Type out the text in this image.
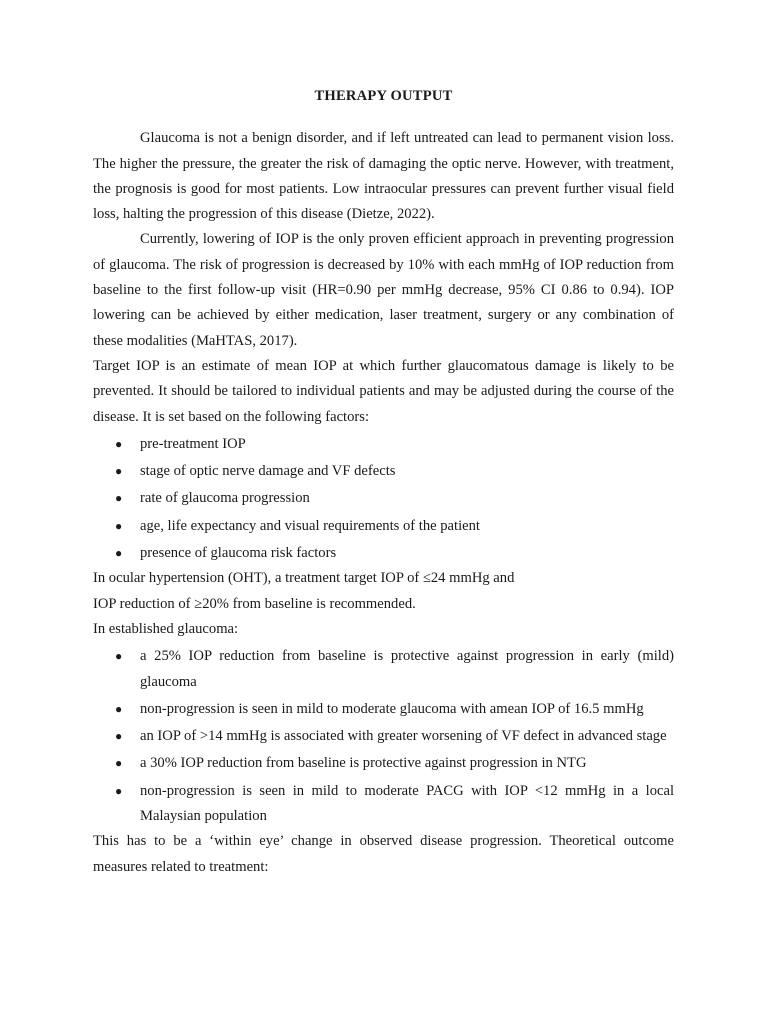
THERAPY OUTPUT

Glaucoma is not a benign disorder, and if left untreated can lead to permanent vision loss. The higher the pressure, the greater the risk of damaging the optic nerve. However, with treatment, the prognosis is good for most patients. Low intraocular pressures can prevent further visual field loss, halting the progression of this disease (Dietze, 2022).

Currently, lowering of IOP is the only proven efficient approach in preventing progression of glaucoma. The risk of progression is decreased by 10% with each mmHg of IOP reduction from baseline to the first follow-up visit (HR=0.90 per mmHg decrease, 95% CI 0.86 to 0.94). IOP lowering can be achieved by either medication, laser treatment, surgery or any combination of these modalities (MaHTAS, 2017).

Target IOP is an estimate of mean IOP at which further glaucomatous damage is likely to be prevented. It should be tailored to individual patients and may be adjusted during the course of the disease. It is set based on the following factors:

● pre-treatment IOP
● stage of optic nerve damage and VF defects
● rate of glaucoma progression
● age, life expectancy and visual requirements of the patient
● presence of glaucoma risk factors

In ocular hypertension (OHT), a treatment target IOP of ≤24 mmHg and

IOP reduction of ≥20% from baseline is recommended.

In established glaucoma:

● a 25% IOP reduction from baseline is protective against progression in early (mild) glaucoma
● non-progression is seen in mild to moderate glaucoma with amean IOP of 16.5 mmHg
● an IOP of >14 mmHg is associated with greater worsening of VF defect in advanced stage
● a 30% IOP reduction from baseline is protective against progression in NTG
● non-progression is seen in mild to moderate PACG with IOP <12 mmHg in a local Malaysian population

This has to be a ‘within eye’ change in observed disease progression. Theoretical outcome measures related to treatment:
